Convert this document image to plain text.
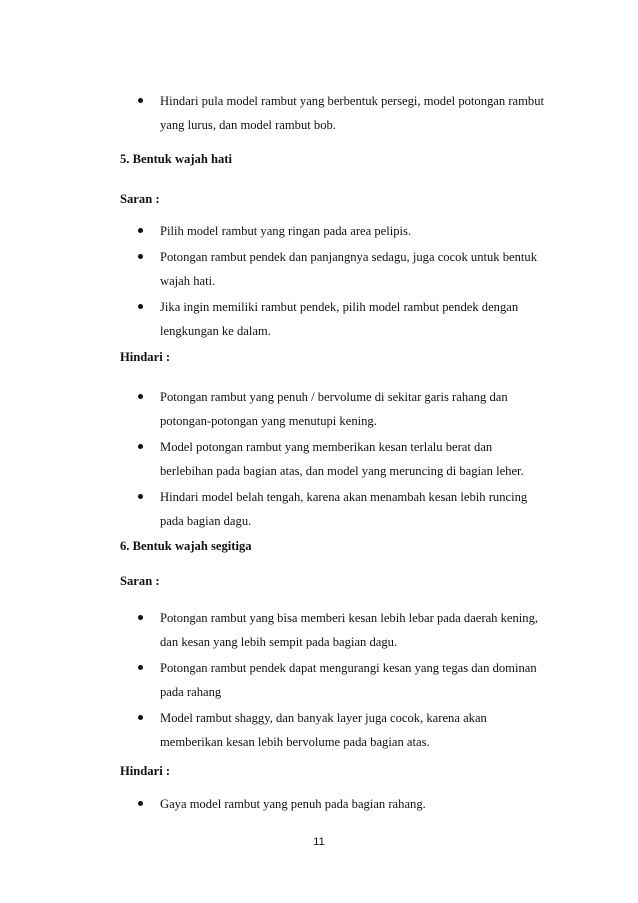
Hindari pula model rambut yang berbentuk persegi, model potongan rambut yang lurus, dan model rambut bob.
5. Bentuk wajah hati
Saran :
Pilih model rambut yang ringan pada area pelipis.
Potongan rambut pendek dan panjangnya sedagu, juga cocok untuk bentuk wajah hati.
Jika ingin memiliki rambut pendek, pilih model rambut pendek dengan lengkungan ke dalam.
Hindari :
Potongan rambut yang penuh / bervolume di sekitar garis rahang dan potongan-potongan yang menutupi kening.
Model potongan rambut yang memberikan kesan terlalu berat dan berlebihan pada bagian atas, dan model yang meruncing di bagian leher.
Hindari model belah tengah, karena akan menambah kesan lebih runcing pada bagian dagu.
6. Bentuk wajah segitiga
Saran :
Potongan rambut yang bisa memberi kesan lebih lebar pada daerah kening, dan kesan yang lebih sempit pada bagian dagu.
Potongan rambut pendek dapat mengurangi kesan yang tegas dan dominan pada rahang
Model rambut shaggy, dan banyak layer juga cocok, karena akan memberikan kesan lebih bervolume pada bagian atas.
Hindari :
Gaya model rambut yang penuh pada bagian rahang.
11
